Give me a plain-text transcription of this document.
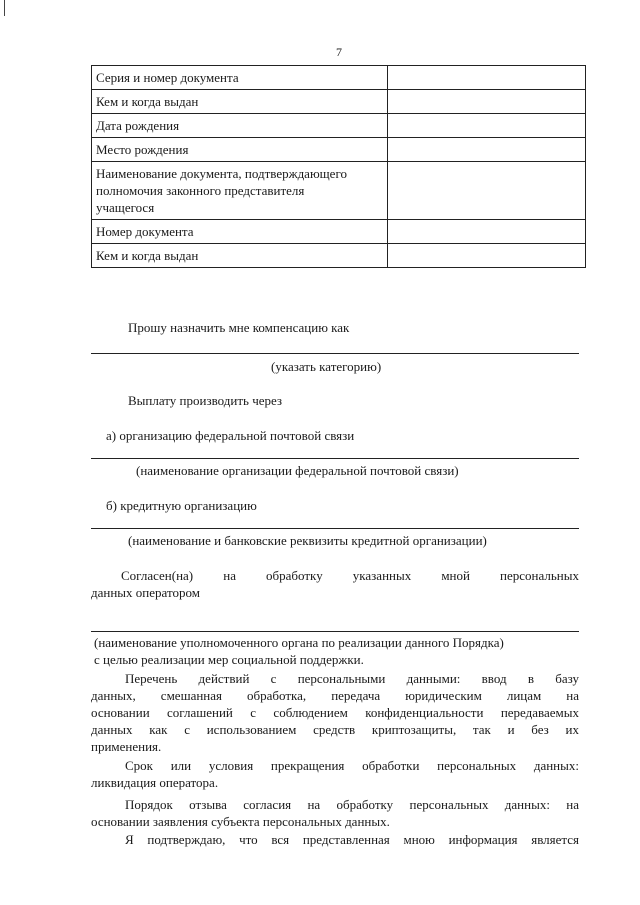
7
Серия и номер документа	
Кем и когда выдан	
Дата рождения	
Место рождения	

Наименование документа, подтверждающего
полномочия законного представителя
учащегося	

Номер документа	
Кем и когда выдан	
Прошу назначить мне компенсацию как
(указать категорию)
Выплату производить через
а) организацию федеральной почтовой связи
(наименование организации федеральной почтовой связи)
б) кредитную организацию
(наименование и банковские реквизиты кредитной организации)
Согласен(на) на обработку указанных мной персональных
данных оператором
(наименование уполномоченного органа по реализации данного Порядка)
с целью реализации мер социальной поддержки.
Перечень действий с персональными данными: ввод в базу
данных, смешанная обработка, передача юридическим лицам на
основании соглашений с соблюдением конфиденциальности передаваемых
данных как с использованием средств криптозащиты, так и без их
применения.
Срок или условия прекращения обработки персональных данных:
ликвидация оператора.
Порядок отзыва согласия на обработку персональных данных: на
основании заявления субъекта персональных данных.
Я подтверждаю, что вся представленная мною информация является
